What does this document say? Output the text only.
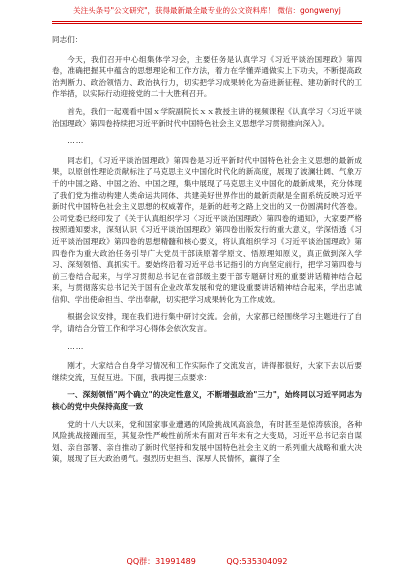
关注头条号"公文研究"，获得最新最全最专业的公文资料库！ 微信：gongwenyj

同志们：

今天，我们召开中心组集体学习会，主要任务是认真学习《习近平谈治国理政》第四卷，准确把握其中蕴含的思想理论和工作方法，着力在学懂弄通做实上下功夫，不断提高政治判断力、政治领悟力、政治执行力，切实把学习成果转化为奋进新征程、建功新时代的工作举措，以实际行动迎接党的二十大胜利召开。

首先，我们一起观看中国ｘ学院副院长ｘｘ教授主讲的视频课程《认真学习〈习近平谈治国理政〉第四卷持续把习近平新时代中国特色社会主义思想学习贯彻推向深入》。

……

同志们，《习近平谈治国理政》第四卷是习近平新时代中国特色社会主义思想的最新成果，以原创性理论贡献标注了马克思主义中国化时代化的新高度，展现了波澜壮阔、气象万千的中国之路、中国之治、中国之理，集中展现了马克思主义中国化的最新成果，充分体现了我们党为推动构建人类命运共同体、共建美好世界作出的最新贡献是全面系统反映习近平新时代中国特色社会主义思想的权威著作，是新的赶考之路上交出的又一份圆满时代答卷。公司党委已经印发了《关于认真组织学习〈习近平谈治国理政〉第四卷的通知》，大家要严格按照通知要求，深刻认识《习近平谈治国理政》第四卷出版发行的重大意义，学深悟透《习近平谈治国理政》第四卷的思想精髓和核心要义，将认真组织学习《习近平谈治国理政》第四卷作为重大政治任务引导广大党员干部读原著学原文、悟原理知原义，真正做到深入学习、深刻领悟、真抓实干。要始终沿着习近平总书记指引的方向坚定前行，把学习第四卷与前三卷结合起来，与学习贯彻总书记在省部级主要干部专题研讨班的重要讲话精神结合起来，与贯彻落实总书记关于国有企业改革发展和党的建设重要讲话精神结合起来，学出忠诚信仰、学出使命担当、学出奉献，切实把学习成果转化为工作成效。

根据会议安排，现在我们进行集中研讨交流。会前，大家都已经围绕学习主题进行了自学，请结合分管工作和学习心得体会依次发言。

……

刚才，大家结合自身学习情况和工作实际作了交流发言，讲得都很好，大家下去以后要继续交流，互促互进。下面，我再提三点要求：

一、深刻领悟"两个确立"的决定性意义，不断增强政治"三力"，始终同以习近平同志为核心的党中央保持高度一致

党的十八大以来，党和国家事业遭遇的风险挑战风高浪急，有时甚至是惊涛骇浪，各种风险挑战接踵而至，其复杂性严峻性前所未有面对百年未有之大变局，习近平总书记亲自谋划、亲自部署、亲自推动了新时代坚持和发展中国特色社会主义的一系列重大战略和重大决策，展现了巨大政治勇气。强烈历史担当、深厚人民情怀，赢得了全

QQ群：31991489	QQ:535304092
